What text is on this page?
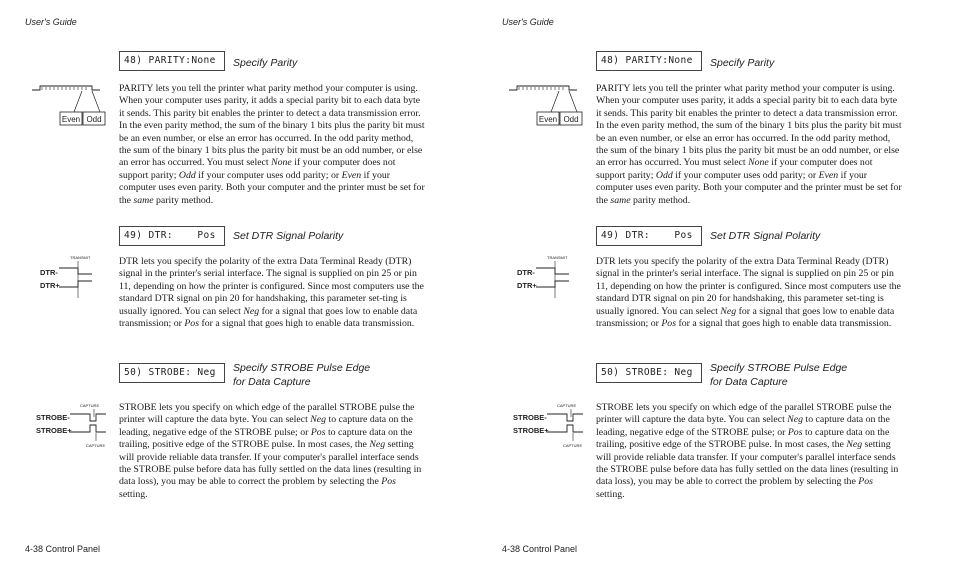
User's Guide
48) PARITY:None	Specify Parity
Even Odd
PARITY lets you tell the printer what parity method your computer is using. When your computer uses parity, it adds a special parity bit to each data byte it sends. This parity bit enables the printer to detect a data transmission error. In the even parity method, the sum of the binary 1 bits plus the parity bit must be an even number, or else an error has occurred. In the odd parity method, the sum of the binary 1 bits plus the parity bit must be an odd number, or else an error has occurred. You must select None if your computer does not support parity; Odd if your computer uses odd parity; or Even if your computer uses even parity. Both your computer and the printer must be set for the same parity method.
49) DTR:    Pos	Set DTR Signal Polarity
TRANSMIT
DTR-
DTR+
DTR lets you specify the polarity of the extra Data Terminal Ready (DTR) signal in the printer's serial interface. The signal is supplied on pin 25 or pin 11, depending on how the printer is configured. Since most computers use the standard DTR signal on pin 20 for handshaking, this parameter set-ting is usually ignored. You can select Neg for a signal that goes low to enable data transmission; or Pos for a signal that goes high to enable data transmission.
50) STROBE: Neg	Specify STROBE Pulse Edge
for Data Capture
CAPTURE
STROBE-
STROBE+
CAPTURE
STROBE lets you specify on which edge of the parallel STROBE pulse the printer will capture the data byte. You can select Neg to capture data on the leading, negative edge of the STROBE pulse; or Pos to capture data on the trailing, positive edge of the STROBE pulse. In most cases, the Neg setting will provide reliable data transfer. If your computer's parallel interface sends the STROBE pulse before data has fully settled on the data lines (resulting in data loss), you may be able to correct the problem by selecting the Pos setting.
4-38 Control Panel
User's Guide
48) PARITY:None	Specify Parity
Even Odd
PARITY lets you tell the printer what parity method your computer is using. When your computer uses parity, it adds a special parity bit to each data byte it sends. This parity bit enables the printer to detect a data transmission error. In the even parity method, the sum of the binary 1 bits plus the parity bit must be an even number, or else an error has occurred. In the odd parity method, the sum of the binary 1 bits plus the parity bit must be an odd number, or else an error has occurred. You must select None if your computer does not support parity; Odd if your computer uses odd parity; or Even if your computer uses even parity. Both your computer and the printer must be set for the same parity method.
49) DTR:    Pos	Set DTR Signal Polarity
TRANSMIT
DTR-
DTR+
DTR lets you specify the polarity of the extra Data Terminal Ready (DTR) signal in the printer's serial interface. The signal is supplied on pin 25 or pin 11, depending on how the printer is configured. Since most computers use the standard DTR signal on pin 20 for handshaking, this parameter set-ting is usually ignored. You can select Neg for a signal that goes low to enable data transmission; or Pos for a signal that goes high to enable data transmission.
50) STROBE: Neg	Specify STROBE Pulse Edge
for Data Capture
CAPTURE
STROBE-
STROBE+
CAPTURE
STROBE lets you specify on which edge of the parallel STROBE pulse the printer will capture the data byte. You can select Neg to capture data on the leading, negative edge of the STROBE pulse; or Pos to capture data on the trailing, positive edge of the STROBE pulse. In most cases, the Neg setting will provide reliable data transfer. If your computer's parallel interface sends the STROBE pulse before data has fully settled on the data lines (resulting in data loss), you may be able to correct the problem by selecting the Pos setting.
4-38 Control Panel
